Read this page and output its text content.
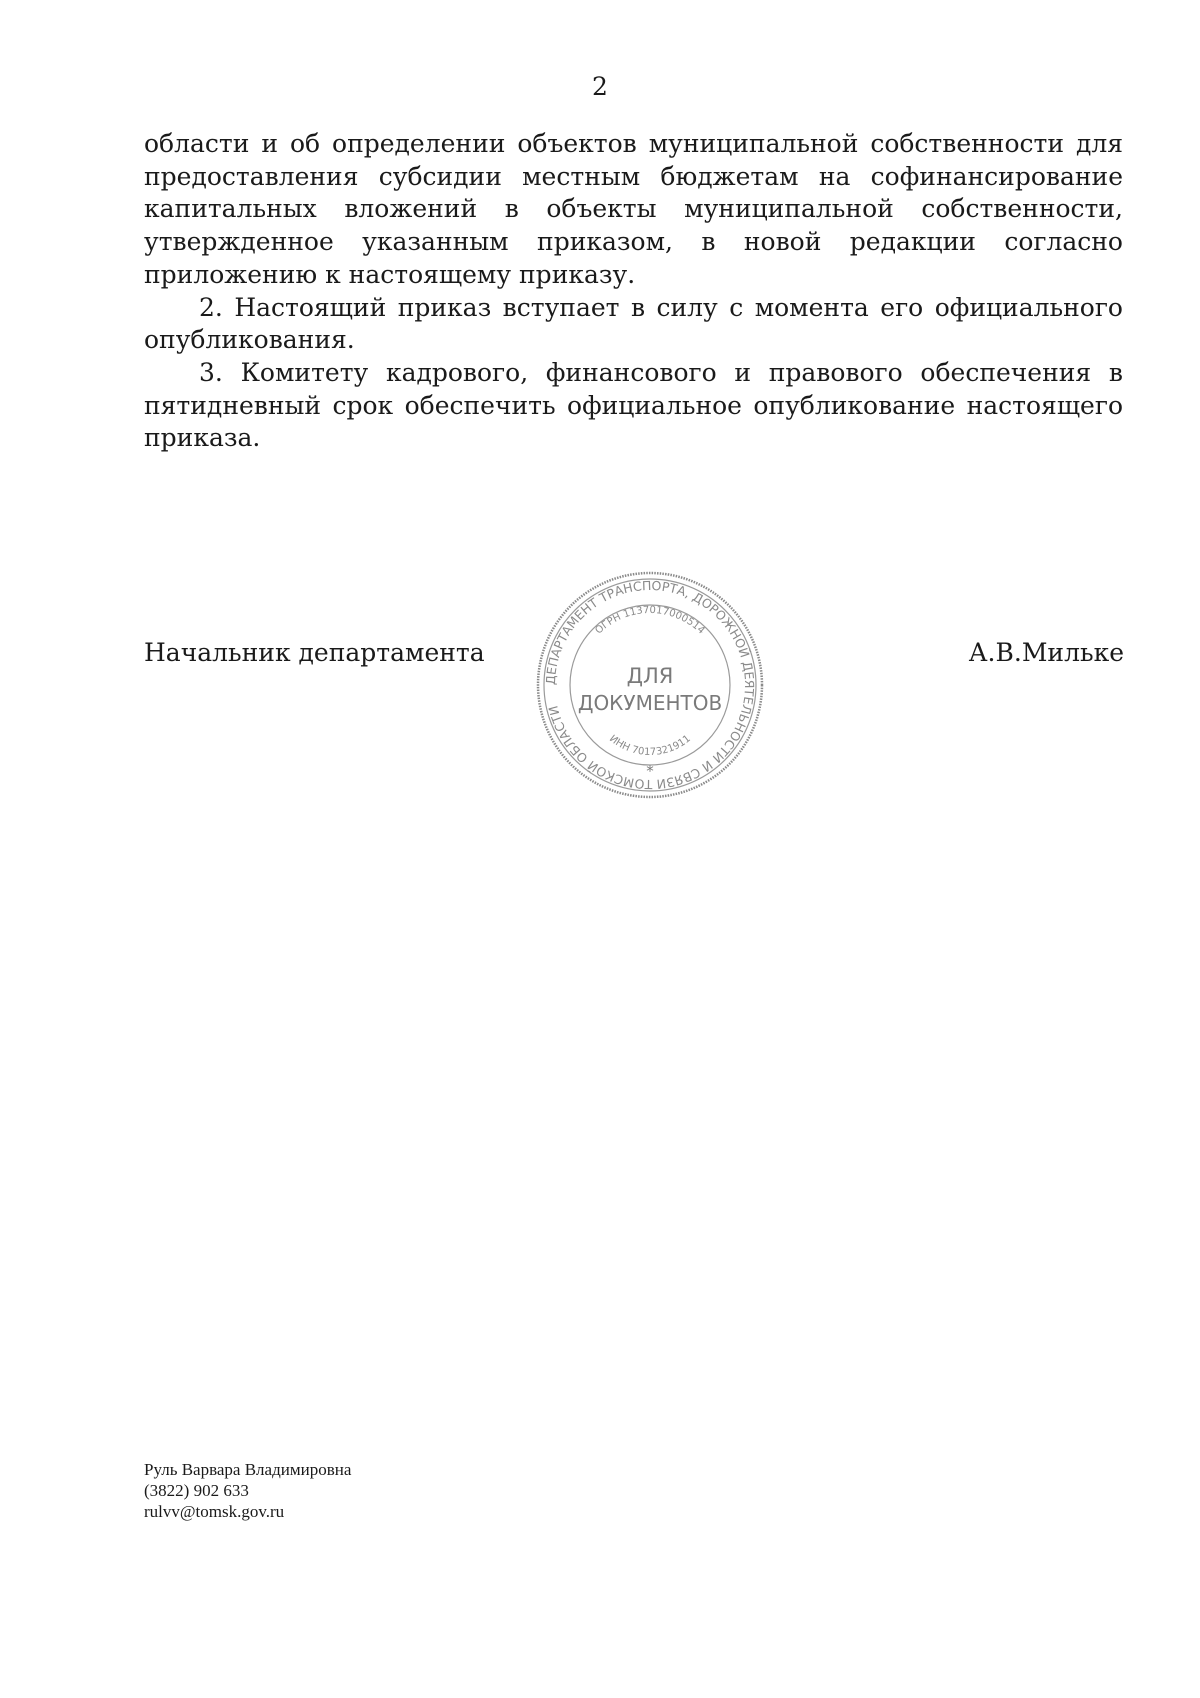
2

области и об определении объектов муниципальной собственности для предоставления субсидии местным бюджетам на софинансирование капитальных вложений в объекты муниципальной собственности, утвержденное указанным приказом, в новой редакции согласно приложению к настоящему приказу.

2. Настоящий приказ вступает в силу с момента его официального опубликования.

3. Комитету кадрового, финансового и правового обеспечения в пятидневный срок обеспечить официальное опубликование настоящего приказа.

Начальник департамента	А.В.Мильке
ДЕПАРТАМЕНТ ТРАНСПОРТА, ДОРОЖНОЙ ДЕЯТЕЛЬНОСТИ И СВЯЗИ ТОМСКОЙ ОБЛАСТИ
ОГРН 1137017000514
ИНН 7017321911
ДЛЯ
ДОКУМЕНТОВ
*
Руль Варвара Владимировна
(3822) 902 633
rulvv@tomsk.gov.ru
